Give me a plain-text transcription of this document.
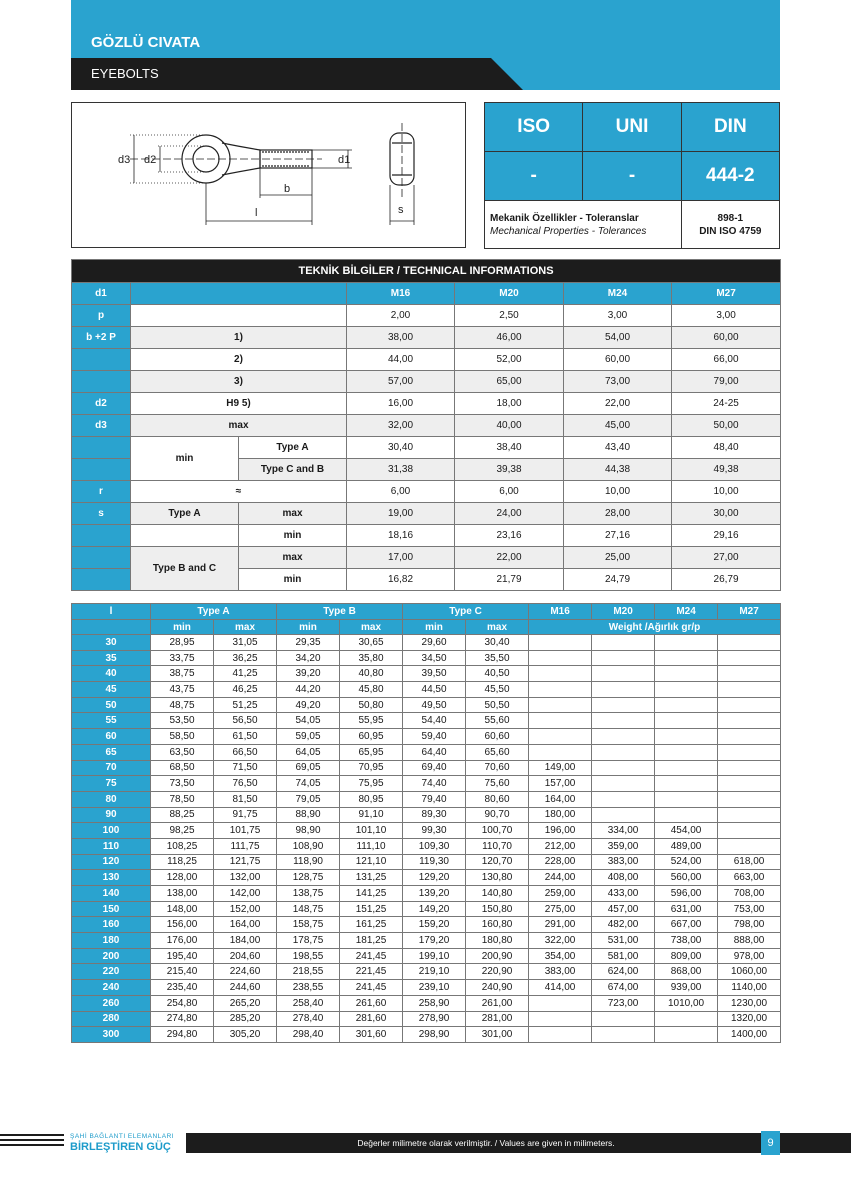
GÖZLÜ CIVATA
EYEBOLTS
d3 d2	d1
b
l	s
ISO	UNI	DIN
-	-	444-2
Mekanik Özellikler - Toleranslar
Mechanical Properties - Tolerances		898-1
DIN ISO 4759
TEKNİK BİLGİLER / TECHNICAL INFORMATIONS						
d1			M16	M20	M24	M27
p			2,00	2,50	3,00	3,00
b +2 P	1)		38,00	46,00	54,00	60,00
	2)		44,00	52,00	60,00	66,00
	3)		57,00	65,00	73,00	79,00
d2	H9 5)		16,00	18,00	22,00	24-25
d3	max		32,00	40,00	45,00	50,00
	min	Type A	30,40	38,40	43,40	48,40
		Type C and B	31,38	39,38	44,38	49,38
r	≈		6,00	6,00	10,00	10,00
s	Type A	max	19,00	24,00	28,00	30,00
		min	18,16	23,16	27,16	29,16
	Type B and C	max	17,00	22,00	25,00	27,00
		min	16,82	21,79	24,79	26,79
l	Type A		Type B		Type C		M16	M20	M24	M27
	min	max	min	max	min	max	Weight /Ağırlık gr/p			
30	28,95	31,05	29,35	30,65	29,60	30,40				
35	33,75	36,25	34,20	35,80	34,50	35,50				
40	38,75	41,25	39,20	40,80	39,50	40,50				
45	43,75	46,25	44,20	45,80	44,50	45,50				
50	48,75	51,25	49,20	50,80	49,50	50,50				
55	53,50	56,50	54,05	55,95	54,40	55,60				
60	58,50	61,50	59,05	60,95	59,40	60,60				
65	63,50	66,50	64,05	65,95	64,40	65,60				
70	68,50	71,50	69,05	70,95	69,40	70,60	149,00			
75	73,50	76,50	74,05	75,95	74,40	75,60	157,00			
80	78,50	81,50	79,05	80,95	79,40	80,60	164,00			
90	88,25	91,75	88,90	91,10	89,30	90,70	180,00			
100	98,25	101,75	98,90	101,10	99,30	100,70	196,00	334,00	454,00	
110	108,25	111,75	108,90	111,10	109,30	110,70	212,00	359,00	489,00	
120	118,25	121,75	118,90	121,10	119,30	120,70	228,00	383,00	524,00	618,00
130	128,00	132,00	128,75	131,25	129,20	130,80	244,00	408,00	560,00	663,00
140	138,00	142,00	138,75	141,25	139,20	140,80	259,00	433,00	596,00	708,00
150	148,00	152,00	148,75	151,25	149,20	150,80	275,00	457,00	631,00	753,00
160	156,00	164,00	158,75	161,25	159,20	160,80	291,00	482,00	667,00	798,00
180	176,00	184,00	178,75	181,25	179,20	180,80	322,00	531,00	738,00	888,00
200	195,40	204,60	198,55	241,45	199,10	200,90	354,00	581,00	809,00	978,00
220	215,40	224,60	218,55	221,45	219,10	220,90	383,00	624,00	868,00	1060,00
240	235,40	244,60	238,55	241,45	239,10	240,90	414,00	674,00	939,00	1140,00
260	254,80	265,20	258,40	261,60	258,90	261,00		723,00	1010,00	1230,00
280	274,80	285,20	278,40	281,60	278,90	281,00				1320,00
300	294,80	305,20	298,40	301,60	298,90	301,00				1400,00
ŞAHİ BAĞLANTI ELEMANLARI
BİRLEŞTİREN GÜÇ	Değerler milimetre olarak verilmiştir. / Values are given in milimeters.	9
